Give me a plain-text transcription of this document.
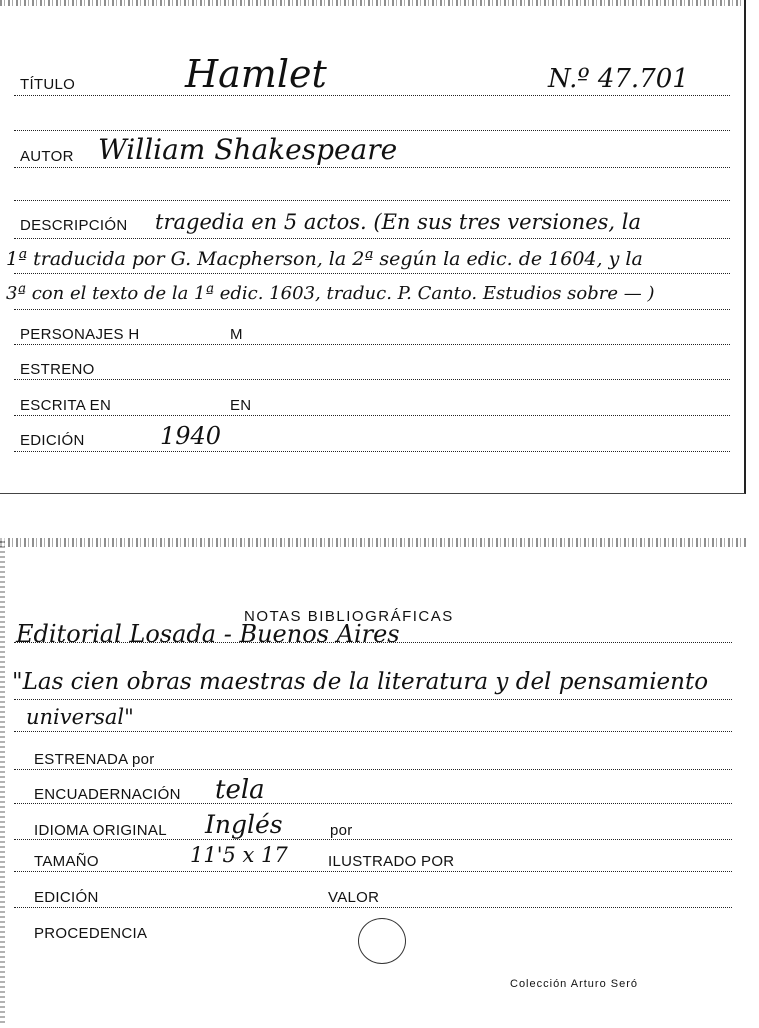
TÍTULO	Hamlet	N.º 47.701
AUTOR William Shakespeare
DESCRIPCIÓN tragedia en 5 actos. (En sus tres versiones, la
1ª traducida por G. Macpherson, la 2ª según la edic. de 1604, y la
3ª con el texto de la 1ª edic. 1603, traduc. P. Canto. Estudios sobre — )
PERSONAJES H	M
ESTRENO
ESCRITA EN	EN
EDICIÓN	1940
NOTAS BIBLIOGRÁFICAS
Editorial Losada - Buenos Aires
"Las cien obras maestras de la literatura y del pensamiento
universal"
ESTRENADA por
ENCUADERNACIÓN tela
IDIOMA ORIGINAL Inglés	por
TAMAÑO	11'5 x 17	ILUSTRADO POR
EDICIÓN	VALOR
PROCEDENCIA
Colección Arturo Seró
